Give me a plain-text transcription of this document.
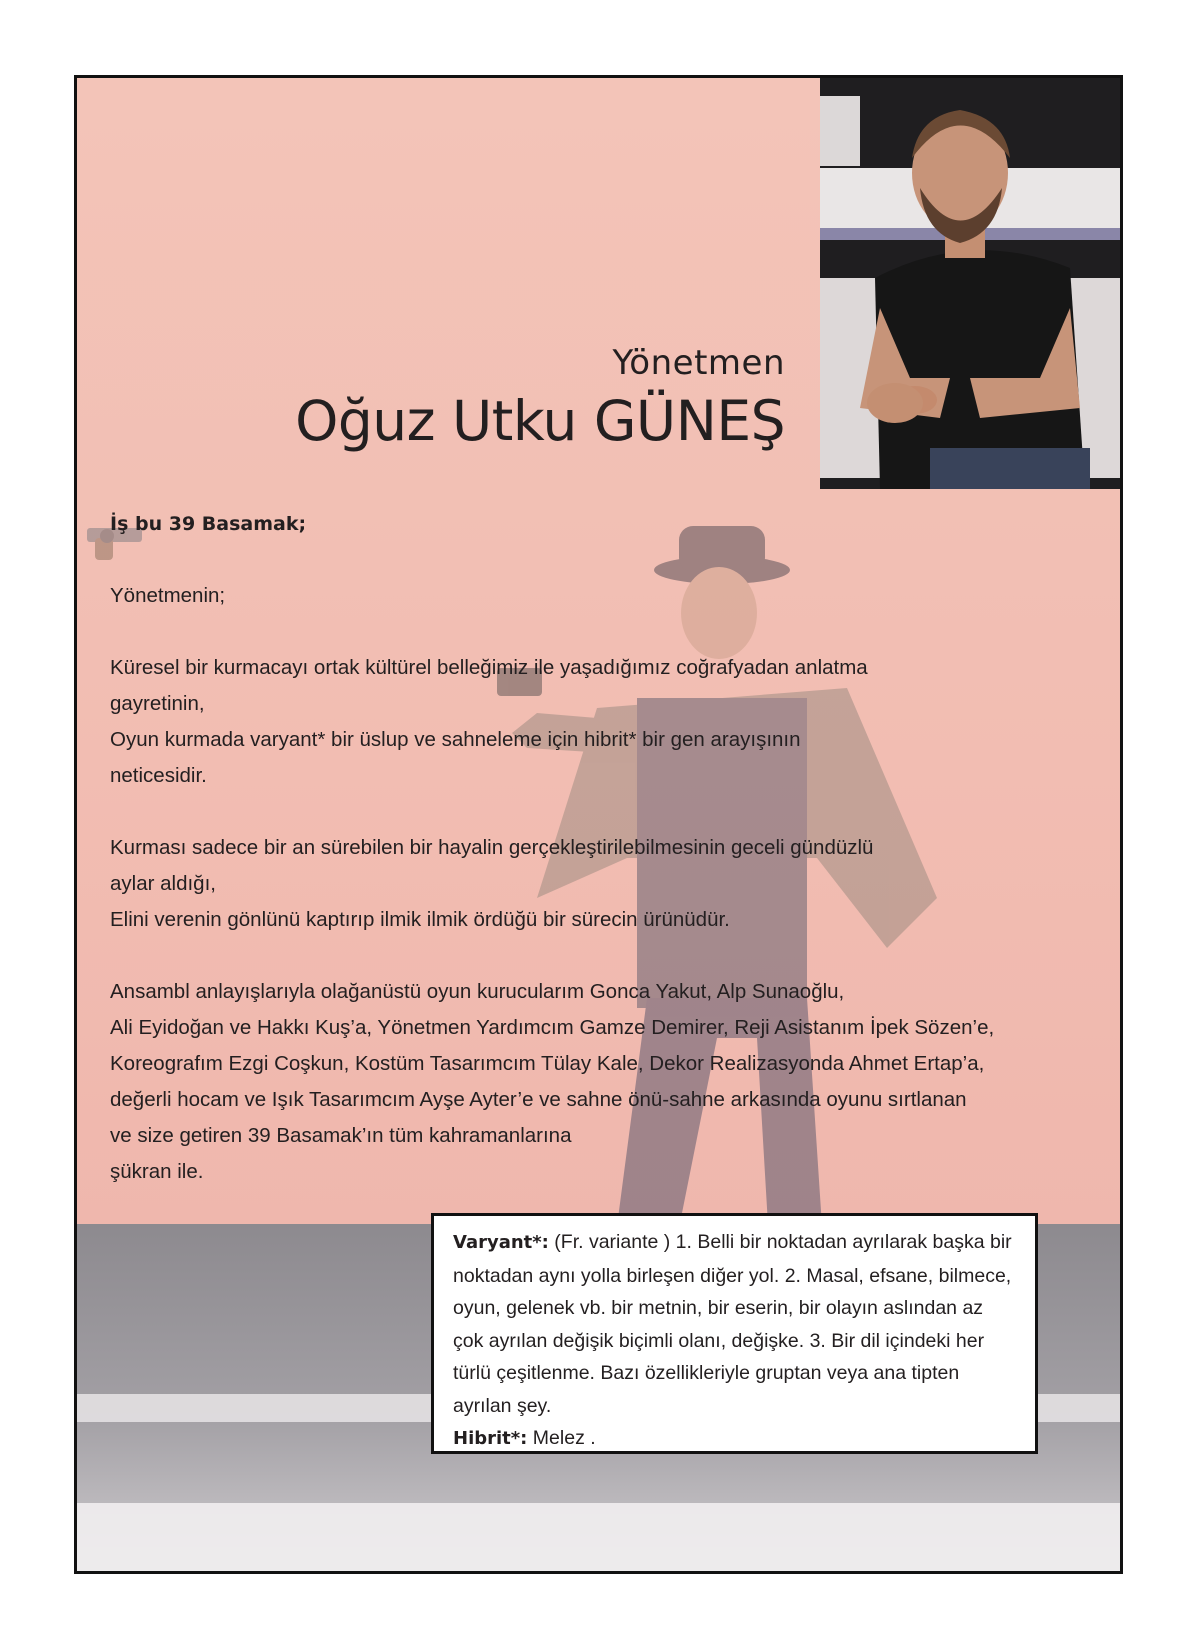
Yönetmen
Oğuz Utku GÜNEŞ

İş bu 39 Basamak;

Yönetmenin;

Küresel bir kurmacayı ortak kültürel belleğimiz ile yaşadığımız coğrafyadan anlatma

gayretinin,

Oyun kurmada varyant* bir üslup ve sahneleme için hibrit* bir gen arayışının

neticesidir.

Kurması sadece bir an sürebilen bir hayalin gerçekleştirilebilmesinin geceli gündüzlü

aylar aldığı,

Elini verenin gönlünü kaptırıp ilmik ilmik ördüğü bir sürecin ürünüdür.

Ansambl anlayışlarıyla olağanüstü oyun kurucularım Gonca Yakut, Alp Sunaoğlu,

Ali Eyidoğan ve Hakkı Kuş’a, Yönetmen Yardımcım Gamze Demirer, Reji Asistanım İpek Sözen’e,

Koreografım Ezgi Coşkun, Kostüm Tasarımcım Tülay Kale, Dekor Realizasyonda Ahmet Ertap’a,

değerli hocam ve Işık Tasarımcım Ayşe Ayter’e ve sahne önü-sahne arkasında oyunu sırtlanan

ve size getiren 39 Basamak’ın tüm kahramanlarına

şükran ile.

Varyant*: (Fr. variante ) 1. Belli bir noktadan ayrılarak başka bir
noktadan aynı yolla birleşen diğer yol. 2. Masal, efsane, bilmece,
oyun, gelenek vb. bir metnin, bir eserin, bir olayın aslından az
çok ayrılan değişik biçimli olanı, değişke. 3. Bir dil içindeki her
türlü çeşitlenme. Bazı özellikleriyle gruptan veya ana tipten
ayrılan şey.
Hibrit*: Melez .
